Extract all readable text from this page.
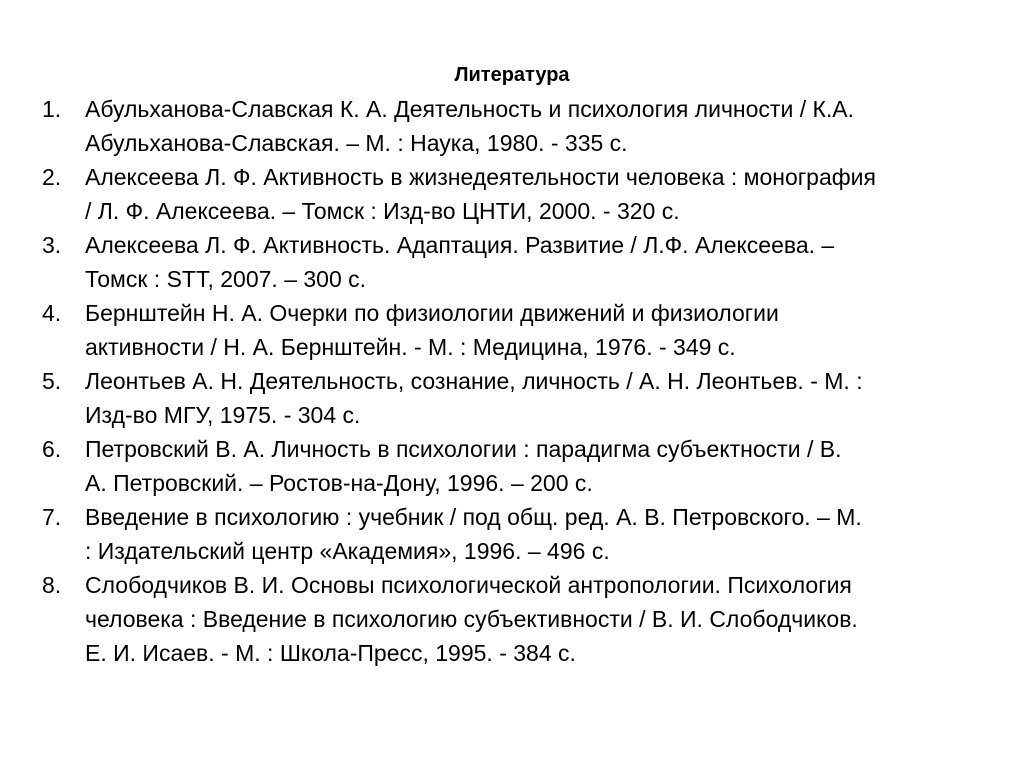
Литература
1. Абульханова-Славская К. А. Деятельность и психология личности / К.А.
Абульханова-Славская. – М. : Наука, 1980. - 335 с.
2. Алексеева Л. Ф. Активность в жизнедеятельности человека : монография
/ Л. Ф. Алексеева. – Томск : Изд-во ЦНТИ, 2000. - 320 с.
3. Алексеева Л. Ф. Активность. Адаптация. Развитие / Л.Ф. Алексеева. –
Томск : STT, 2007. – 300 с.
4. Бернштейн Н. А. Очерки по физиологии движений и физиологии
активности / Н. А. Бернштейн. - М. : Медицина, 1976. - 349 с.
5. Леонтьев А. Н. Деятельность, сознание, личность / А. Н. Леонтьев. - М. :
Изд-во МГУ, 1975. - 304 с.
6. Петровский В. А. Личность в психологии : парадигма субъектности / В.
А. Петровский. – Ростов-на-Дону, 1996. – 200 с.
7. Введение в психологию : учебник / под общ. ред. А. В. Петровского. – М.
: Издательский центр «Академия», 1996. – 496 с.
8. Слободчиков В. И. Основы психологической антропологии. Психология
человека : Введение в психологию субъективности / В. И. Слободчиков.
Е. И. Исаев. - М. : Школа-Пресс, 1995. - 384 с.
